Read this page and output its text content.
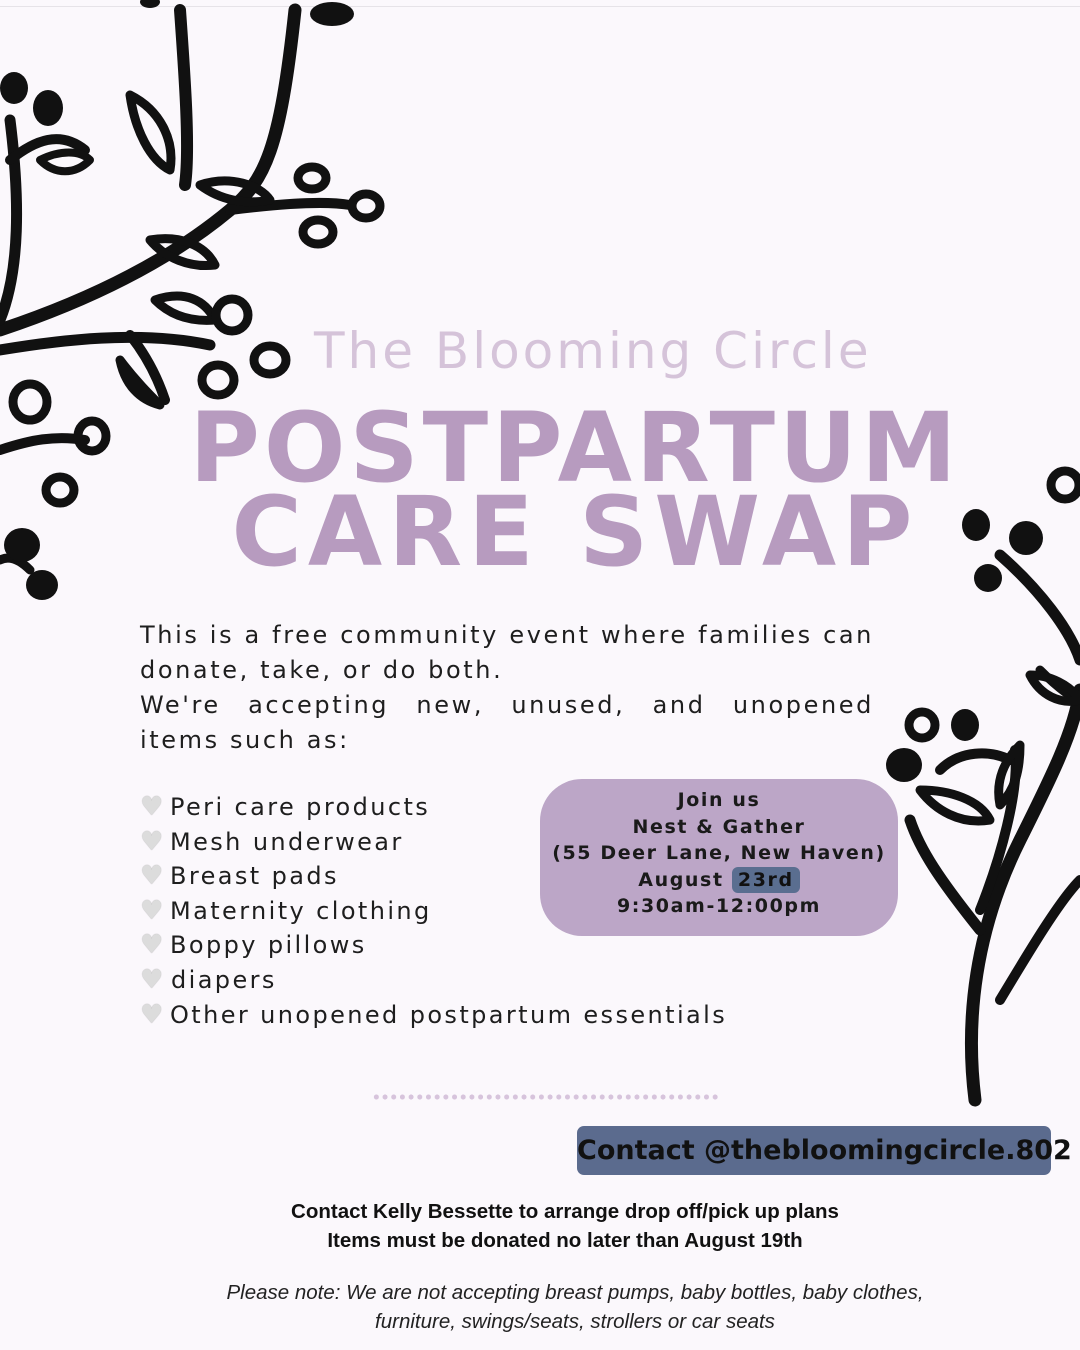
The Blooming Circle
POSTPARTUM
CARE SWAP

This is a free community event where families can donate, take, or do both.

We're accepting new, unused, and unopened items such as:

♥ Peri care products
♥ Mesh underwear
♥ Breast pads
♥ Maternity clothing
♥ Boppy pillows
♥ diapers
♥ Other unopened postpartum essentials
Join us
Nest & Gather
(55 Deer Lane, New Haven)
August 23rd
9:30am-12:00pm
Contact @thebloomingcircle.802
Contact Kelly Bessette to arrange drop off/pick up plans
Items must be donated no later than August 19th
Please note: We are not accepting breast pumps, baby bottles, baby clothes,
furniture, swings/seats, strollers or car seats
